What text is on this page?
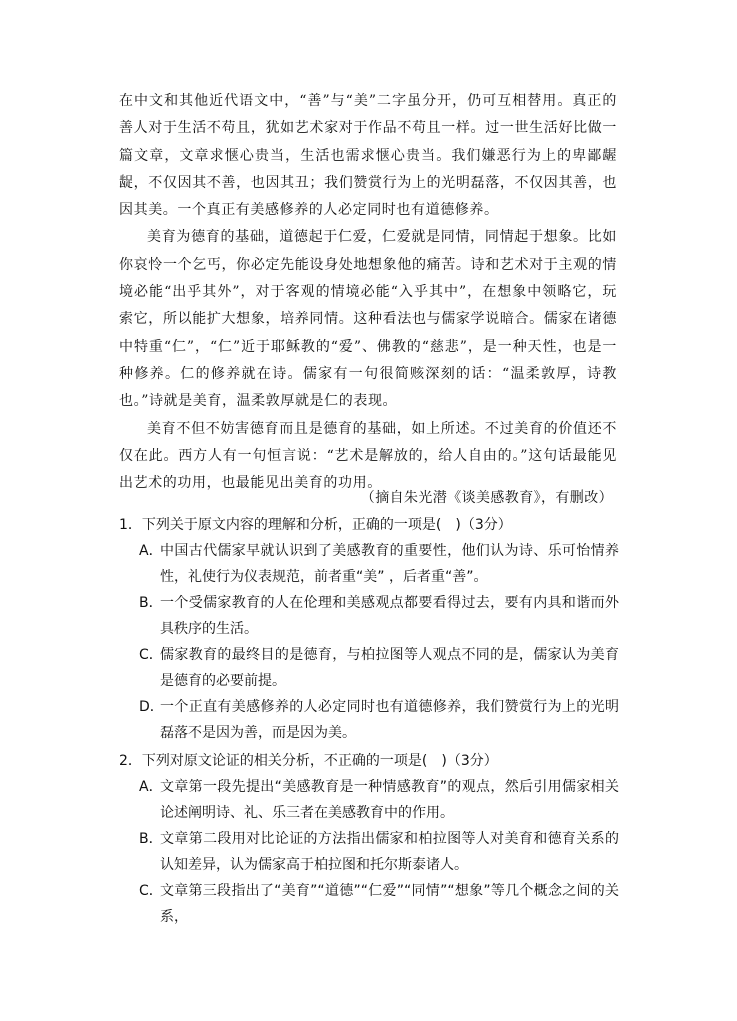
在中文和其他近代语文中，“善”与“美”二字虽分开，仍可互相替用。真正的善人对于生活不苟且，犹如艺术家对于作品不苟且一样。过一世生活好比做一篇文章，文章求惬心贵当，生活也需求惬心贵当。我们嫌恶行为上的卑鄙龌龊，不仅因其不善，也因其丑；我们赞赏行为上的光明磊落，不仅因其善，也因其美。一个真正有美感修养的人必定同时也有道德修养。

美育为德育的基础，道德起于仁爱，仁爱就是同情，同情起于想象。比如你哀怜一个乞丐，你必定先能设身处地想象他的痛苦。诗和艺术对于主观的情境必能“出乎其外”，对于客观的情境必能“入乎其中”，在想象中领略它，玩索它，所以能扩大想象，培养同情。这种看法也与儒家学说暗合。儒家在诸德中特重“仁”，“仁”近于耶稣教的“爱”、佛教的“慈悲”，是一种天性，也是一种修养。仁的修养就在诗。儒家有一句很简赅深刻的话：“温柔敦厚，诗教也。”诗就是美育，温柔敦厚就是仁的表现。

美育不但不妨害德育而且是德育的基础，如上所述。不过美育的价值还不仅在此。西方人有一句恒言说：“艺术是解放的，给人自由的。”这句话最能见出艺术的功用，也最能见出美育的功用。

（摘自朱光潜《谈美感教育》，有删改）

1．下列关于原文内容的理解和分析，正确的一项是(　)（3分）

A．
中国古代儒家早就认识到了美感教育的重要性，他们认为诗、乐可怡情养性，礼使行为仪表规范，前者重“美” ，后者重“善”。
B．
一个受儒家教育的人在伦理和美感观点都要看得过去，要有内具和谐而外具秩序的生活。
C．
儒家教育的最终目的是德育，与柏拉图等人观点不同的是，儒家认为美育是德育的必要前提。
D．
一个正直有美感修养的人必定同时也有道德修养，我们赞赏行为上的光明磊落不是因为善，而是因为美。

2．下列对原文论证的相关分析，不正确的一项是(　)（3分）

A．
文章第一段先提出“美感教育是一种情感教育”的观点，然后引用儒家相关论述阐明诗、礼、乐三者在美感教育中的作用。
B．
文章第二段用对比论证的方法指出儒家和柏拉图等人对美育和德育关系的认知差异，认为儒家高于柏拉图和托尔斯泰诸人。
C．
文章第三段指出了“美育”“道德”“仁爱”“同情”“想象”等几个概念之间的关系，
